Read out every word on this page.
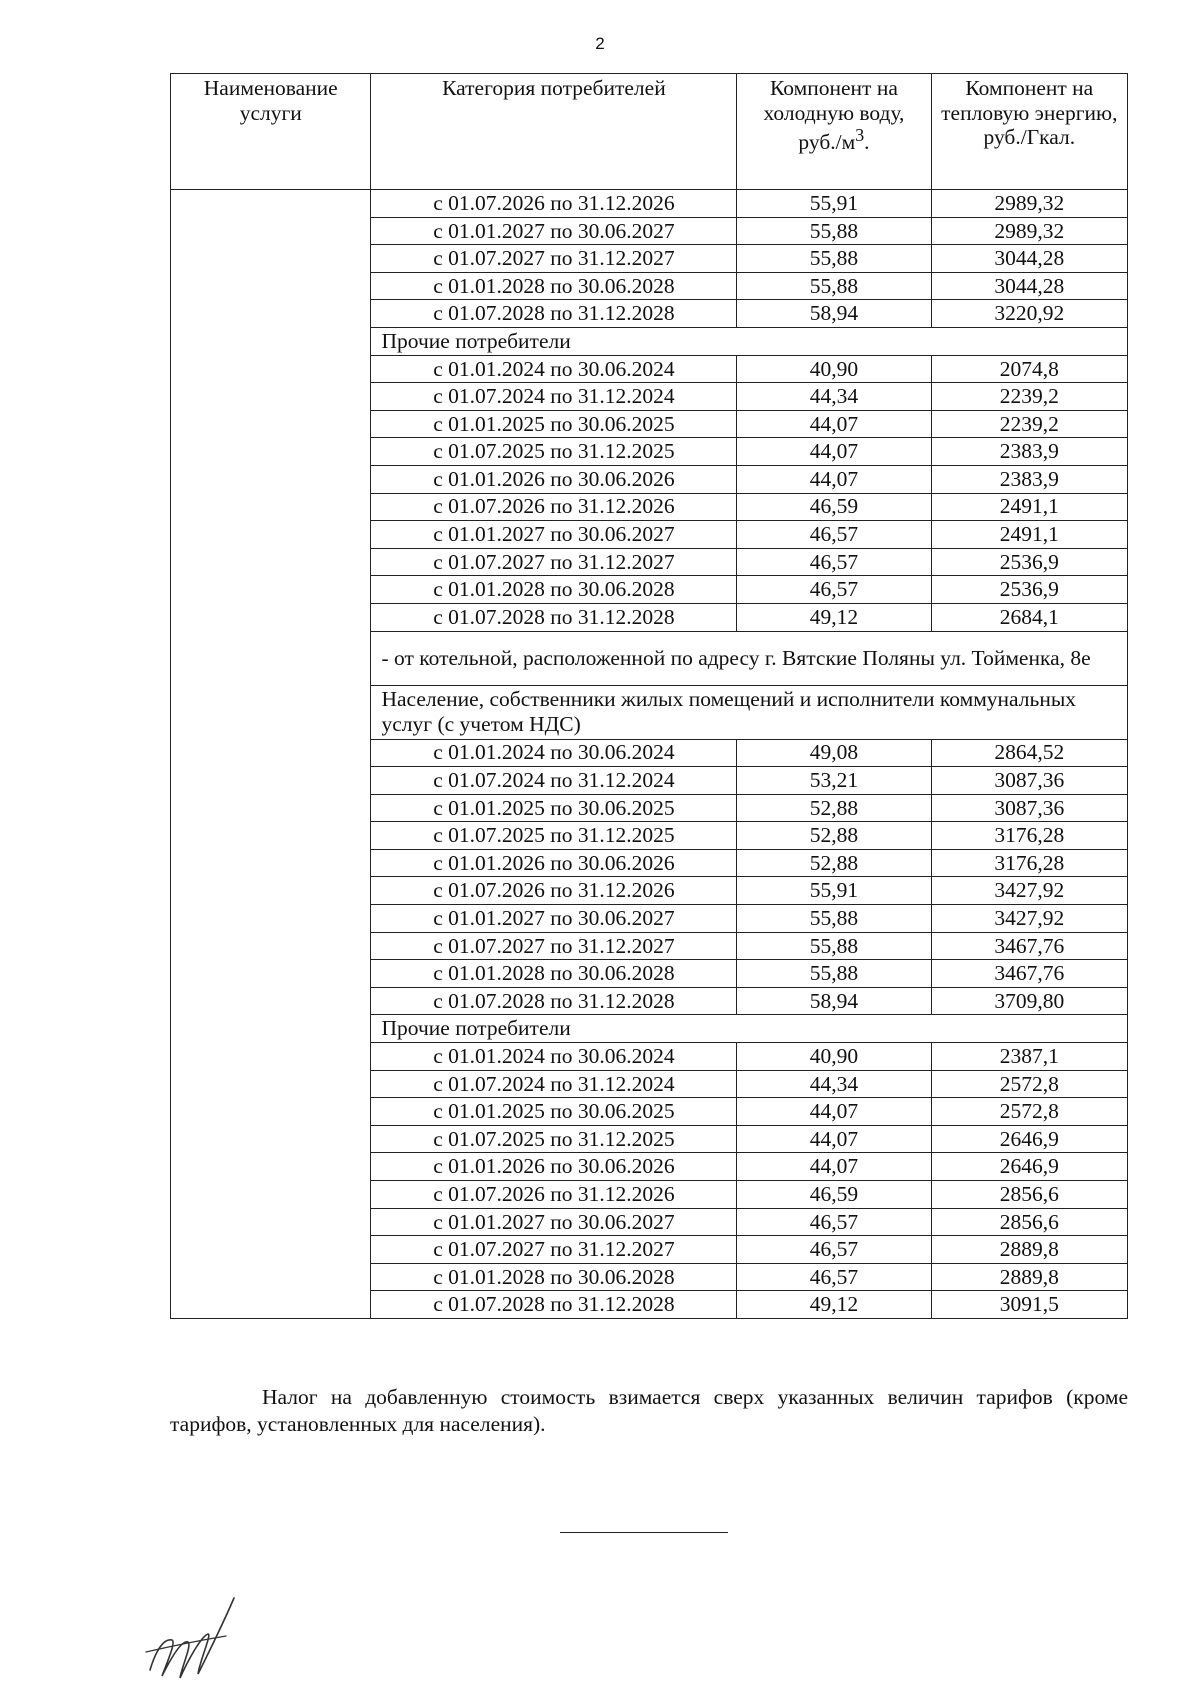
2
Наименование услуги	Категория потребителей	Компонент на холодную воду, $руб./м^3$.	Компонент на тепловую энергию, руб./Гкал.
	с 01.07.2026 по 31.12.2026	55,91	2989,32
	с 01.01.2027 по 30.06.2027	55,88	2989,32
	с 01.07.2027 по 31.12.2027	55,88	3044,28
	с 01.01.2028 по 30.06.2028	55,88	3044,28
	с 01.07.2028 по 31.12.2028	58,94	3220,92
	Прочие потребители		
	с 01.01.2024 по 30.06.2024	40,90	2074,8
	с 01.07.2024 по 31.12.2024	44,34	2239,2
	с 01.01.2025 по 30.06.2025	44,07	2239,2
	с 01.07.2025 по 31.12.2025	44,07	2383,9
	с 01.01.2026 по 30.06.2026	44,07	2383,9
	с 01.07.2026 по 31.12.2026	46,59	2491,1
	с 01.01.2027 по 30.06.2027	46,57	2491,1
	с 01.07.2027 по 31.12.2027	46,57	2536,9
	с 01.01.2028 по 30.06.2028	46,57	2536,9
	с 01.07.2028 по 31.12.2028	49,12	2684,1
	- от котельной, расположенной по адресу г. Вятские Поляны ул. Тойменка, 8е		
	Население, собственники жилых помещений и исполнители коммунальных услуг (с учетом НДС)		
	с 01.01.2024 по 30.06.2024	49,08	2864,52
	с 01.07.2024 по 31.12.2024	53,21	3087,36
	с 01.01.2025 по 30.06.2025	52,88	3087,36
	с 01.07.2025 по 31.12.2025	52,88	3176,28
	с 01.01.2026 по 30.06.2026	52,88	3176,28
	с 01.07.2026 по 31.12.2026	55,91	3427,92
	с 01.01.2027 по 30.06.2027	55,88	3427,92
	с 01.07.2027 по 31.12.2027	55,88	3467,76
	с 01.01.2028 по 30.06.2028	55,88	3467,76
	с 01.07.2028 по 31.12.2028	58,94	3709,80
	Прочие потребители		
	с 01.01.2024 по 30.06.2024	40,90	2387,1
	с 01.07.2024 по 31.12.2024	44,34	2572,8
	с 01.01.2025 по 30.06.2025	44,07	2572,8
	с 01.07.2025 по 31.12.2025	44,07	2646,9
	с 01.01.2026 по 30.06.2026	44,07	2646,9
	с 01.07.2026 по 31.12.2026	46,59	2856,6
	с 01.01.2027 по 30.06.2027	46,57	2856,6
	с 01.07.2027 по 31.12.2027	46,57	2889,8
	с 01.01.2028 по 30.06.2028	46,57	2889,8
	с 01.07.2028 по 31.12.2028	49,12	3091,5
Налог на добавленную стоимость взимается сверх указанных величин тарифов (кроме тарифов, установленных для населения).
